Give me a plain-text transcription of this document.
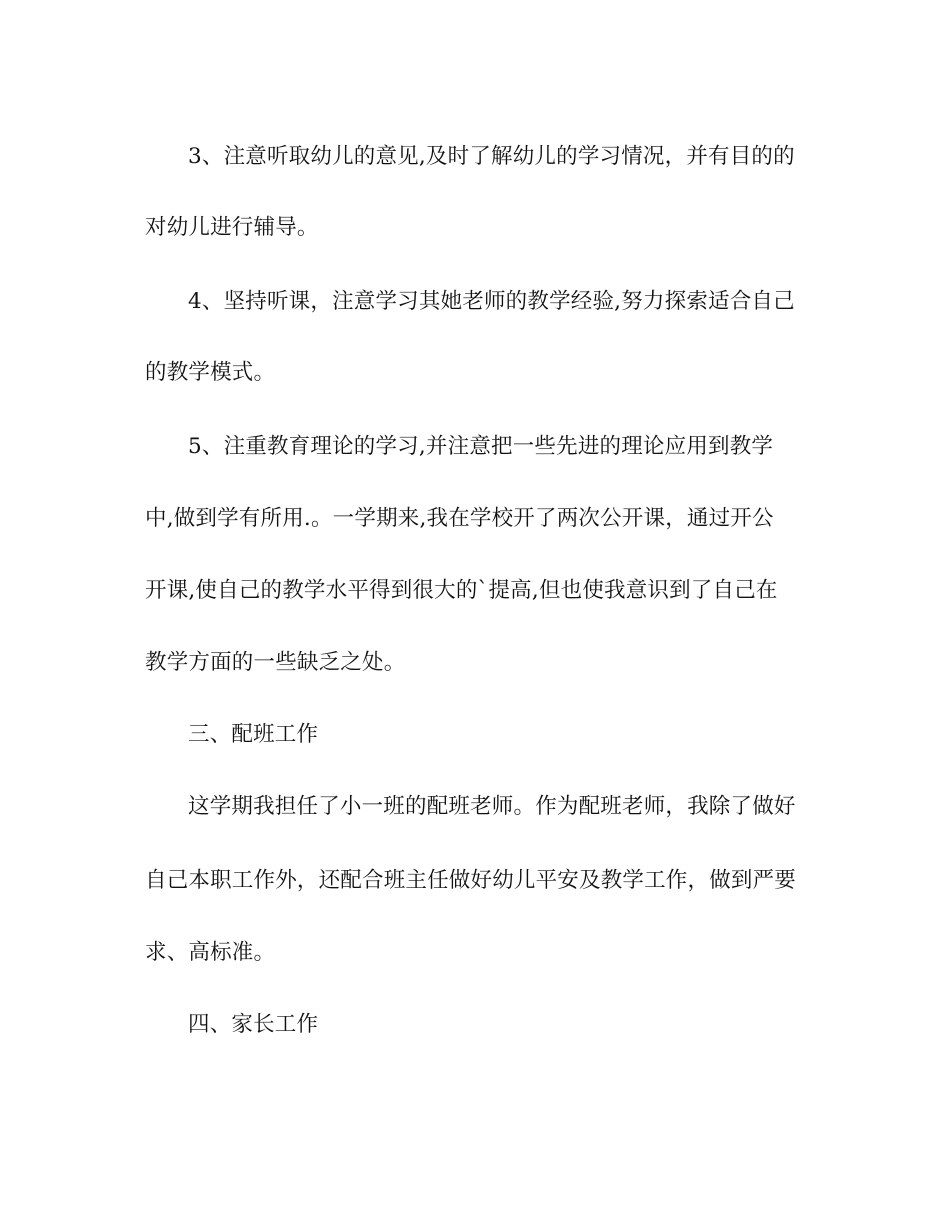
3、注意听取幼儿的意见,及时了解幼儿的学习情况，并有目的的
对幼儿进行辅导。
4、坚持听课，注意学习其她老师的教学经验,努力探索适合自己
的教学模式。
5、注重教育理论的学习,并注意把一些先进的理论应用到教学
中,做到学有所用.。一学期来,我在学校开了两次公开课，通过开公
开课,使自己的教学水平得到很大的`提高,但也使我意识到了自己在
教学方面的一些缺乏之处。
三、配班工作
这学期我担任了小一班的配班老师。作为配班老师，我除了做好
自己本职工作外，还配合班主任做好幼儿平安及教学工作，做到严要
求、高标准。
四、家长工作
